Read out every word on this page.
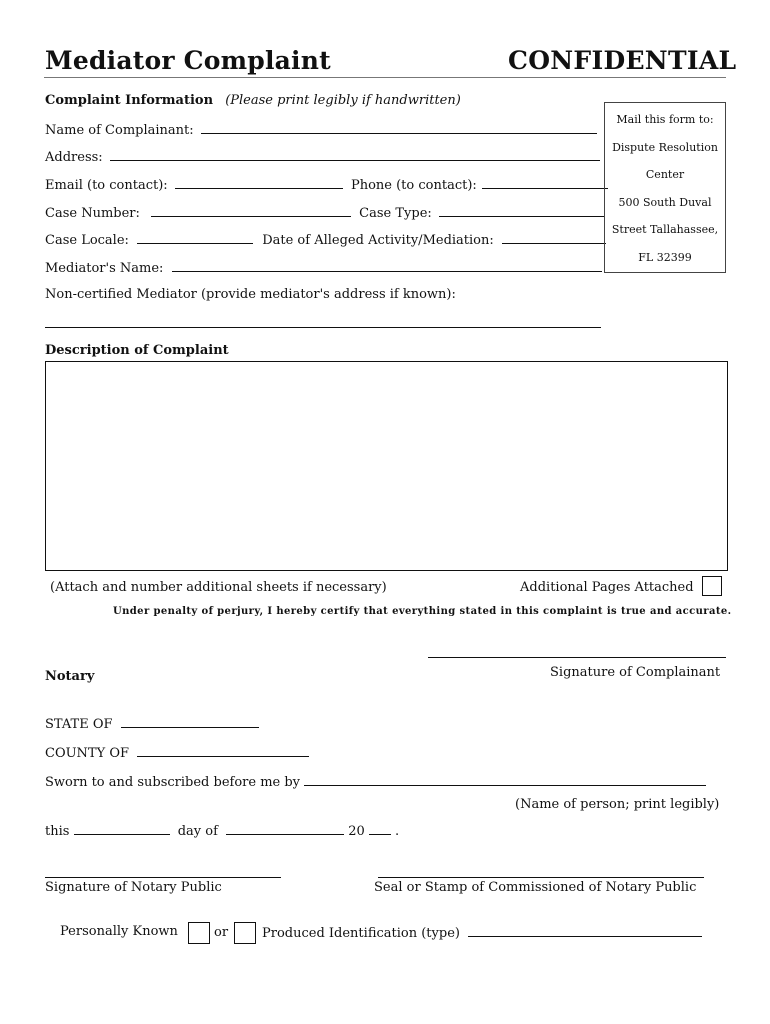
Mediator Complaint	CONFIDENTIAL
Complaint Information (Please print legibly if handwritten)
Name of Complainant:
Address:
Email (to contact):	Phone (to contact):
Case Number:	Case Type:
Case Locale:	Date of Alleged Activity/Mediation:
Mediator's Name:
Non-certified Mediator (provide mediator's address if known):
Mail this form to:
Dispute Resolution
Center
500 South Duval
Street Tallahassee,
FL 32399
Description of Complaint
(Attach and number additional sheets if necessary)	Additional Pages Attached
Under penalty of perjury, I hereby certify that everything stated in this complaint is true and accurate.
Signature of Complainant
Notary
STATE OF
COUNTY OF
Sworn to and subscribed before me by
(Name of person; print legibly)
this	day of	20 .
Signature of Notary Public	Seal or Stamp of Commissioned of Notary Public
Personally Known	or	Produced Identification (type)
